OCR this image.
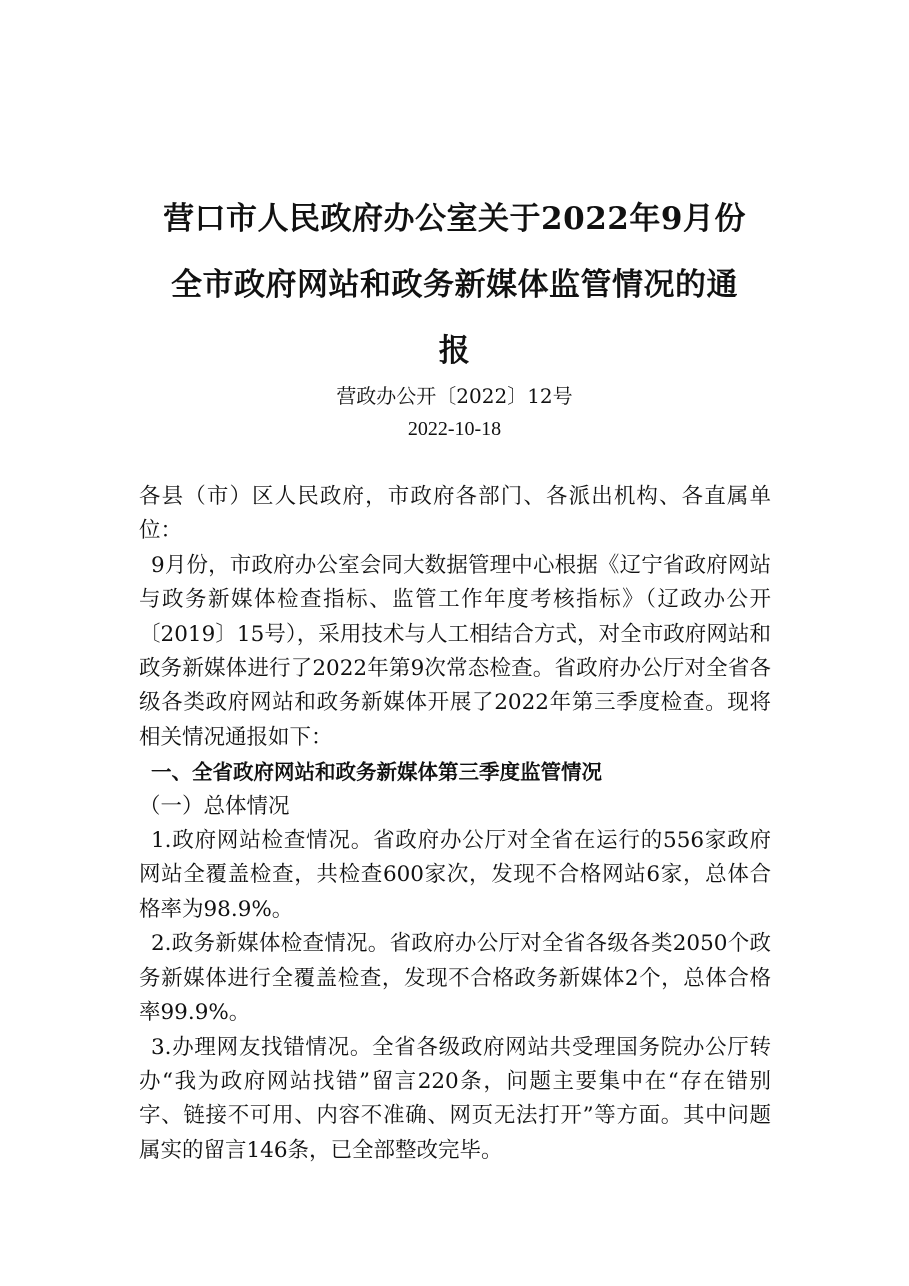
营口市人民政府办公室关于2022年9月份
全市政府网站和政务新媒体监管情况的通
报
营政办公开〔2022〕12号
2022-10-18

各县（市）区人民政府，市政府各部门、各派出机构、各直属单位：

9月份，市政府办公室会同大数据管理中心根据《辽宁省政府网站与政务新媒体检查指标、监管工作年度考核指标》（辽政办公开〔2019〕15号），采用技术与人工相结合方式，对全市政府网站和政务新媒体进行了2022年第9次常态检查。省政府办公厅对全省各级各类政府网站和政务新媒体开展了2022年第三季度检查。现将相关情况通报如下：

一、全省政府网站和政务新媒体第三季度监管情况

（一）总体情况

1.政府网站检查情况。省政府办公厅对全省在运行的556家政府网站全覆盖检查，共检查600家次，发现不合格网站6家，总体合格率为98.9%。

2.政务新媒体检查情况。省政府办公厅对全省各级各类2050个政务新媒体进行全覆盖检查，发现不合格政务新媒体2个，总体合格率99.9%。

3.办理网友找错情况。全省各级政府网站共受理国务院办公厅转办“我为政府网站找错”留言220条，问题主要集中在“存在错别字、链接不可用、内容不准确、网页无法打开”等方面。其中问题属实的留言146条，已全部整改完毕。
